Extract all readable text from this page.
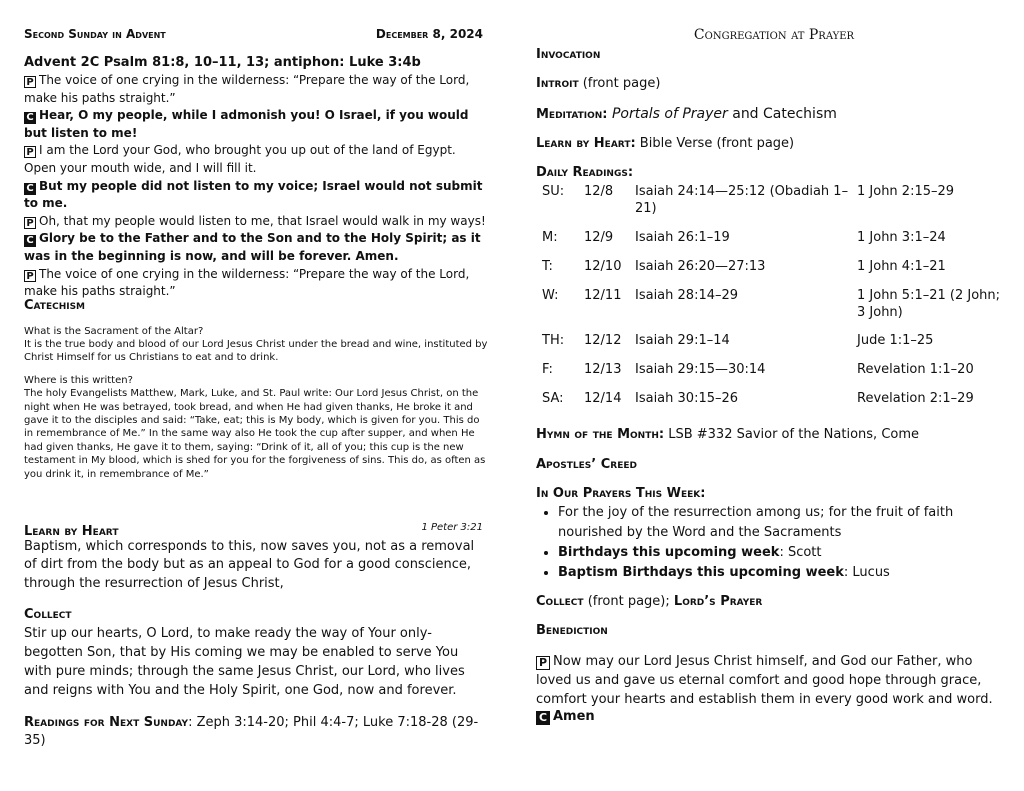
Second Sunday in Advent	December 8, 2024

Advent 2C Psalm 81:8, 10–11, 13; antiphon: Luke 3:4b

P The voice of one crying in the wilderness: “Prepare the way of the Lord, make his paths straight.”

C Hear, O my people, while I admonish you! O Israel, if you would but listen to me!

P I am the Lord your God, who brought you up out of the land of Egypt. Open your mouth wide, and I will fill it.

C But my people did not listen to my voice; Israel would not submit to me.

P Oh, that my people would listen to me, that Israel would walk in my ways!

C Glory be to the Father and to the Son and to the Holy Spirit; as it was in the beginning is now, and will be forever. Amen.

P The voice of one crying in the wilderness: “Prepare the way of the Lord, make his paths straight.”

Catechism

What is the Sacrament of the Altar?

It is the true body and blood of our Lord Jesus Christ under the bread and wine, instituted by Christ Himself for us Christians to eat and to drink.

Where is this written?

The holy Evangelists Matthew, Mark, Luke, and St. Paul write: Our Lord Jesus Christ, on the night when He was betrayed, took bread, and when He had given thanks, He broke it and gave it to the disciples and said: “Take, eat; this is My body, which is given for you. This do in remembrance of Me.” In the same way also He took the cup after supper, and when He had given thanks, He gave it to them, saying: “Drink of it, all of you; this cup is the new testament in My blood, which is shed for you for the forgiveness of sins. This do, as often as you drink it, in remembrance of Me.”

Learn by Heart	1 Peter 3:21

Baptism, which corresponds to this, now saves you, not as a removal of dirt from the body but as an appeal to God for a good conscience, through the resurrection of Jesus Christ,

Collect

Stir up our hearts, O Lord, to make ready the way of Your only-begotten Son, that by His coming we may be enabled to serve You with pure minds; through the same Jesus Christ, our Lord, who lives and reigns with You and the Holy Spirit, one God, now and forever.

Readings for Next Sunday: Zeph 3:14-20; Phil 4:4-7; Luke 7:18-28 (29-35)
Congregation at Prayer
Invocation
Introit (front page)
Meditation: Portals of Prayer and Catechism
Learn by Heart: Bible Verse (front page)
Daily Readings:
SU:	12/8	Isaiah 24:14—25:12 (Obadiah 1–21)	1 John 2:15–29
M:	12/9	Isaiah 26:1–19	1 John 3:1–24
T:	12/10	Isaiah 26:20—27:13	1 John 4:1–21
W:	12/11	Isaiah 28:14–29	1 John 5:1–21 (2 John; 3 John)
TH:	12/12	Isaiah 29:1–14	Jude 1:1–25
F:	12/13	Isaiah 29:15—30:14	Revelation 1:1–20
SA:	12/14	Isaiah 30:15–26	Revelation 2:1–29
Hymn of the Month: LSB #332 Savior of the Nations, Come
Apostles’ Creed
In Our Prayers This Week:
• For the joy of the resurrection among us; for the fruit of faith nourished by the Word and the Sacraments
• Birthdays this upcoming week: Scott
• Baptism Birthdays this upcoming week: Lucus
Collect (front page); Lord’s Prayer
Benediction
P Now may our Lord Jesus Christ himself, and God our Father, who loved us and gave us eternal comfort and good hope through grace, comfort your hearts and establish them in every good work and word.
C Amen
